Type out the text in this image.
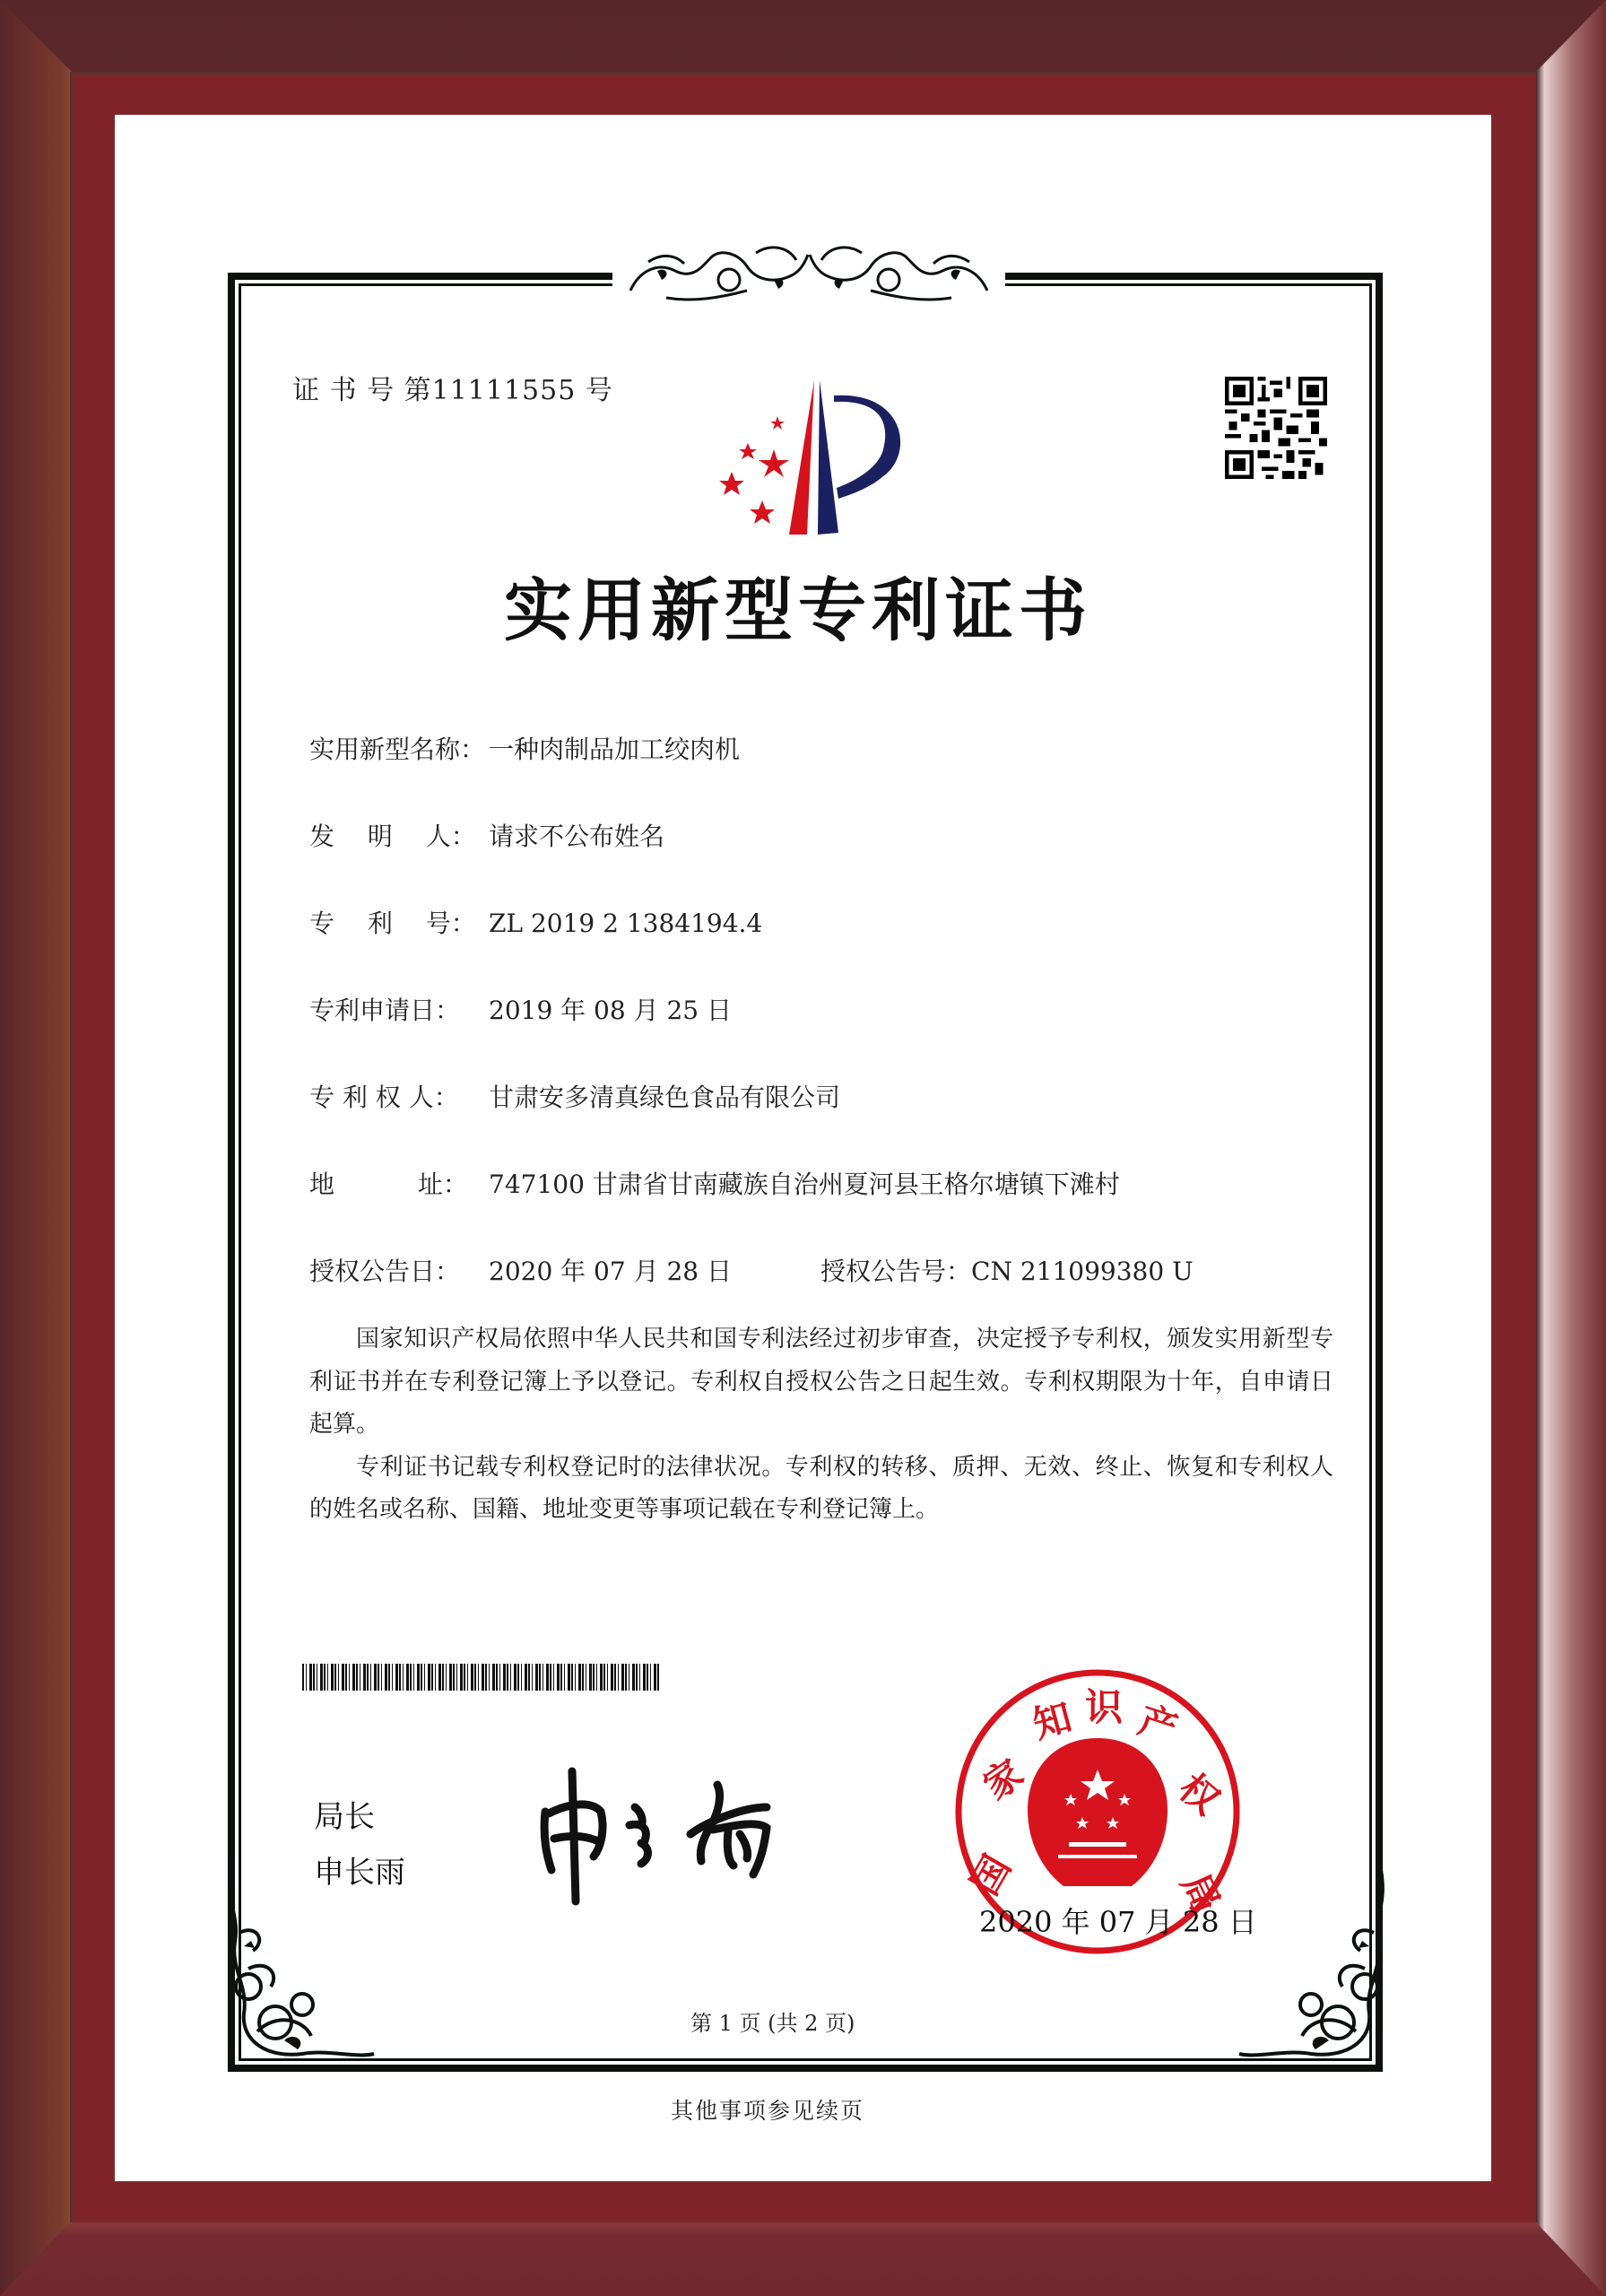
证 书 号 第11111555 号
实用新型专利证书
实用新型名称： 一种肉制品加工绞肉机
发　 明　 人： 请求不公布姓名
专　 利　 号： ZL 2019 2 1384194.4
专利申请日： 2019 年 08 月 25 日
专 利 权 人： 甘肃安多清真绿色食品有限公司
地　　　 址： 747100 甘肃省甘南藏族自治州夏河县王格尔塘镇下滩村
授权公告日： 2020 年 07 月 28 日	授权公告号：CN 211099380 U

国家知识产权局依照中华人民共和国专利法经过初步审查，决定授予专利权，颁发实用新型专利证书并在专利登记簿上予以登记。专利权自授权公告之日起生效。专利权期限为十年，自申请日起算。

专利证书记载专利权登记时的法律状况。专利权的转移、质押、无效、终止、恢复和专利权人的姓名或名称、国籍、地址变更等事项记载在专利登记簿上。

局长
申长雨	国
家
知 识 产
权
局
2020 年 07 月 28 日
第 1 页 (共 2 页)
其他事项参见续页
